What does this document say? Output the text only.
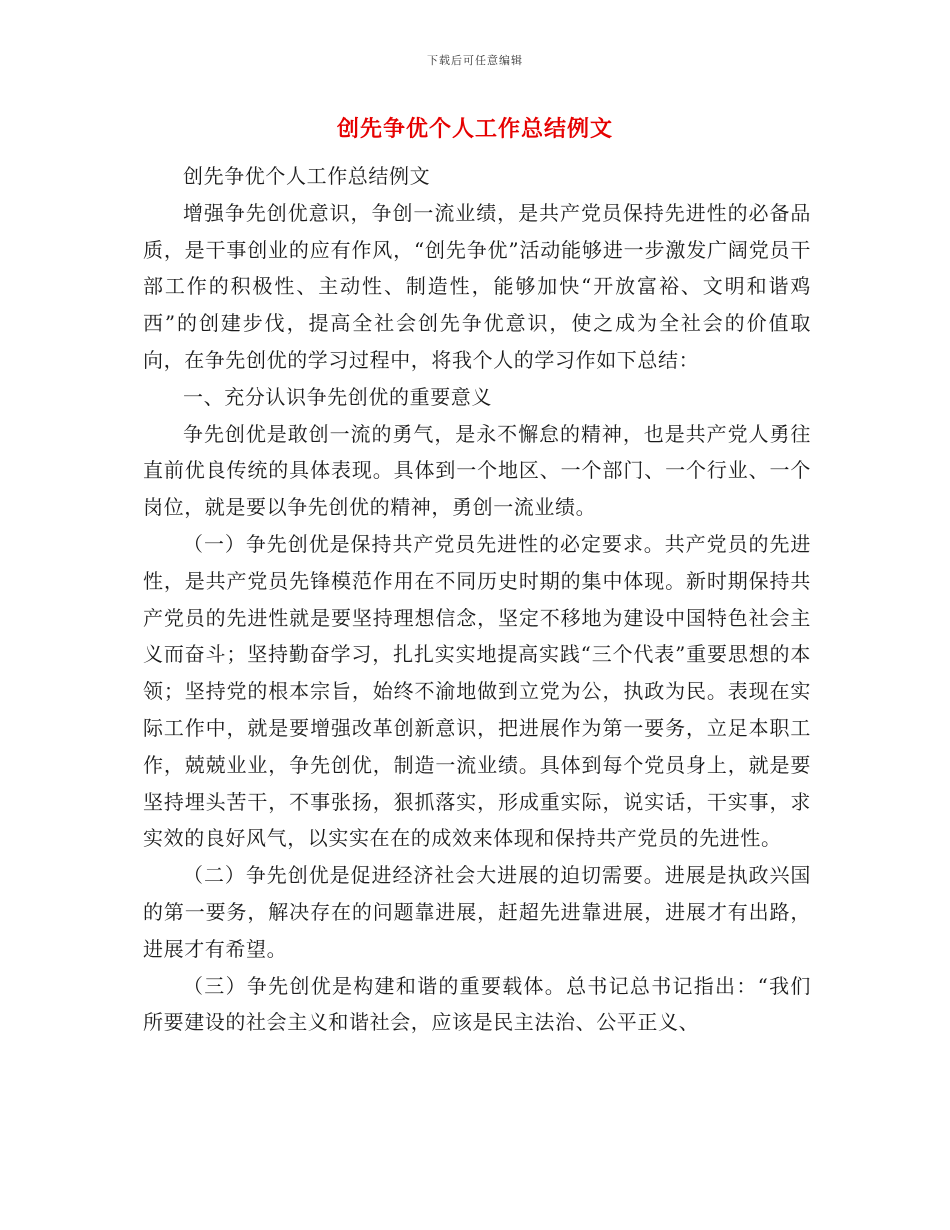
下载后可任意编辑
创先争优个人工作总结例文

创先争优个人工作总结例文

增强争先创优意识，争创一流业绩，是共产党员保持先进性的必备品质，是干事创业的应有作风，“创先争优”活动能够进一步激发广阔党员干部工作的积极性、主动性、制造性，能够加快“开放富裕、文明和谐鸡西”的创建步伐，提高全社会创先争优意识，使之成为全社会的价值取向，在争先创优的学习过程中，将我个人的学习作如下总结：

一、充分认识争先创优的重要意义

争先创优是敢创一流的勇气，是永不懈怠的精神，也是共产党人勇往直前优良传统的具体表现。具体到一个地区、一个部门、一个行业、一个岗位，就是要以争先创优的精神，勇创一流业绩。

（一）争先创优是保持共产党员先进性的必定要求。共产党员的先进性，是共产党员先锋模范作用在不同历史时期的集中体现。新时期保持共产党员的先进性就是要坚持理想信念，坚定不移地为建设中国特色社会主义而奋斗；坚持勤奋学习，扎扎实实地提高实践“三个代表”重要思想的本领；坚持党的根本宗旨，始终不渝地做到立党为公，执政为民。表现在实际工作中，就是要增强改革创新意识，把进展作为第一要务，立足本职工作，兢兢业业，争先创优，制造一流业绩。具体到每个党员身上，就是要坚持埋头苦干，不事张扬，狠抓落实，形成重实际，说实话，干实事，求实效的良好风气，以实实在在的成效来体现和保持共产党员的先进性。

（二）争先创优是促进经济社会大进展的迫切需要。进展是执政兴国的第一要务，解决存在的问题靠进展，赶超先进靠进展，进展才有出路，进展才有希望。

（三）争先创优是构建和谐的重要载体。总书记总书记指出：“我们所要建设的社会主义和谐社会，应该是民主法治、公平正义、
